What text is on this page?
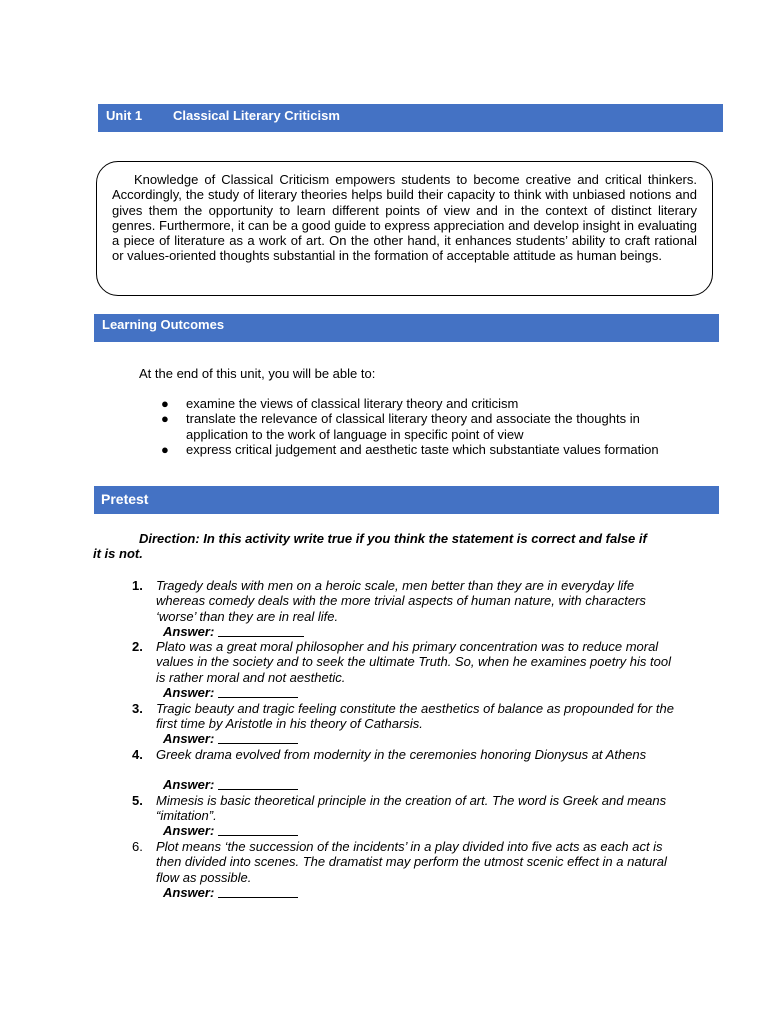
Unit 1 Classical Literary Criticism

Knowledge of Classical Criticism empowers students to become creative and critical thinkers. Accordingly, the study of literary theories helps build their capacity to think with unbiased notions and gives them the opportunity to learn different points of view and in the context of distinct literary genres. Furthermore, it can be a good guide to express appreciation and develop insight in evaluating a piece of literature as a work of art. On the other hand, it enhances students’ ability to craft rational or values-oriented thoughts substantial in the formation of acceptable attitude as human beings.

Learning Outcomes

At the end of this unit, you will be able to:

● examine the views of classical literary theory and criticism
● translate the relevance of classical literary theory and associate the thoughts in application to the work of language in specific point of view
● express critical judgement and aesthetic taste which substantiate values formation
Pretest

Direction: In this activity write true if you think the statement is correct and false if it is not.

1.	Tragedy deals with men on a heroic scale, men better than they are in everyday life whereas comedy deals with the more trivial aspects of human nature, with characters ‘worse’ than they are in real life.
Answer:
2.	Plato was a great moral philosopher and his primary concentration was to reduce moral values in the society and to seek the ultimate Truth. So, when he examines poetry his tool is rather moral and not aesthetic.
Answer:
3.	Tragic beauty and tragic feeling constitute the aesthetics of balance as propounded for the first time by Aristotle in his theory of Catharsis.
Answer:
4.	Greek drama evolved from modernity in the ceremonies honoring Dionysus at Athens
Answer:
5.	Mimesis is basic theoretical principle in the creation of art. The word is Greek and means “imitation”.
Answer:
6.	Plot means ‘the succession of the incidents’ in a play divided into five acts as each act is then divided into scenes. The dramatist may perform the utmost scenic effect in a natural flow as possible.
Answer:
